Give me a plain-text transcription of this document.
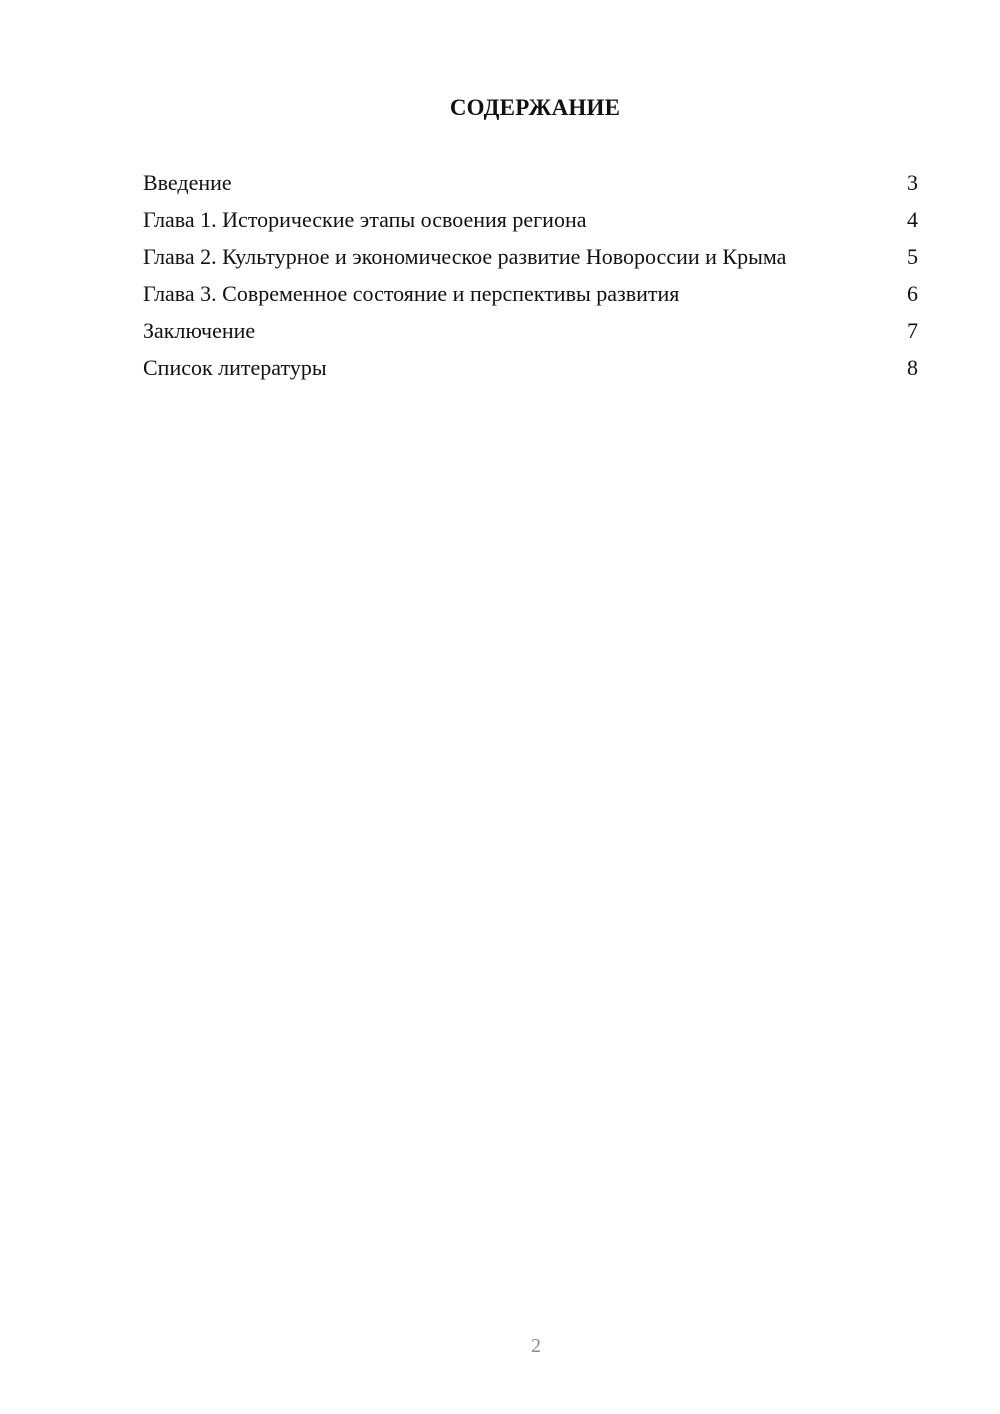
СОДЕРЖАНИЕ
Введение	3
Глава 1. Исторические этапы освоения региона	4
Глава 2. Культурное и экономическое развитие Новороссии и Крыма	5
Глава 3. Современное состояние и перспективы развития	6
Заключение	7
Список литературы	8
2
